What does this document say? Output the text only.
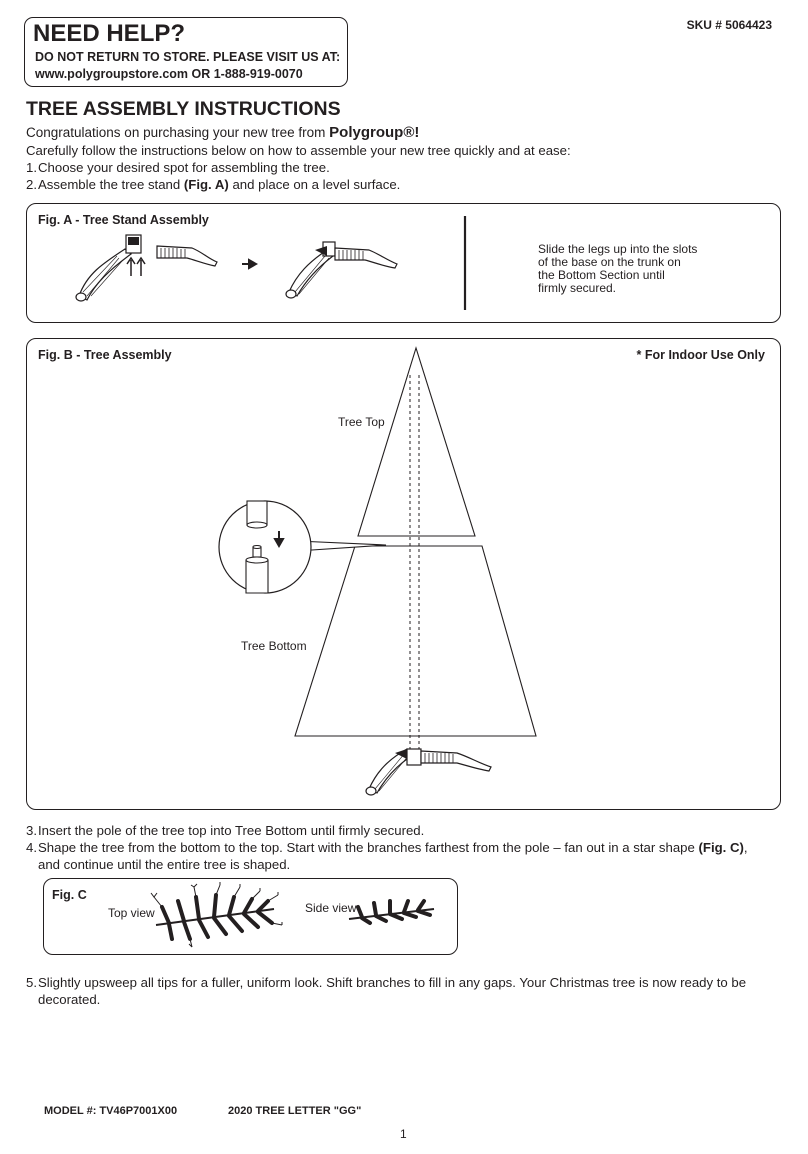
NEED HELP?
DO NOT RETURN TO STORE. PLEASE VISIT US AT:
www.polygroupstore.com OR 1-888-919-0070
SKU # 5064423
TREE ASSEMBLY INSTRUCTIONS
Congratulations on purchasing your new tree from Polygroup®!
Carefully follow the instructions below on how to assemble your new tree quickly and at ease:
1.Choose your desired spot for assembling the tree.
2.Assemble the tree stand (Fig. A) and place on a level surface.
Fig. A - Tree Stand Assembly
Slide the legs up into the slots
of the base on the trunk on
the Bottom Section until
firmly secured.
Fig. B - Tree Assembly	* For Indoor Use Only
Tree Top
Tree Bottom
3.Insert the pole of the tree top into Tree Bottom until firmly secured.
4.Shape the tree from the bottom to the top. Start with the branches farthest from the pole – fan out in a star shape (Fig. C),
and continue until the entire tree is shaped.
Fig. C
Top view	Side view
5.Slightly upsweep all tips for a fuller, uniform look. Shift branches to fill in any gaps. Your Christmas tree is now ready to be
decorated.
MODEL #: TV46P7001X00	2020 TREE LETTER "GG"
1
